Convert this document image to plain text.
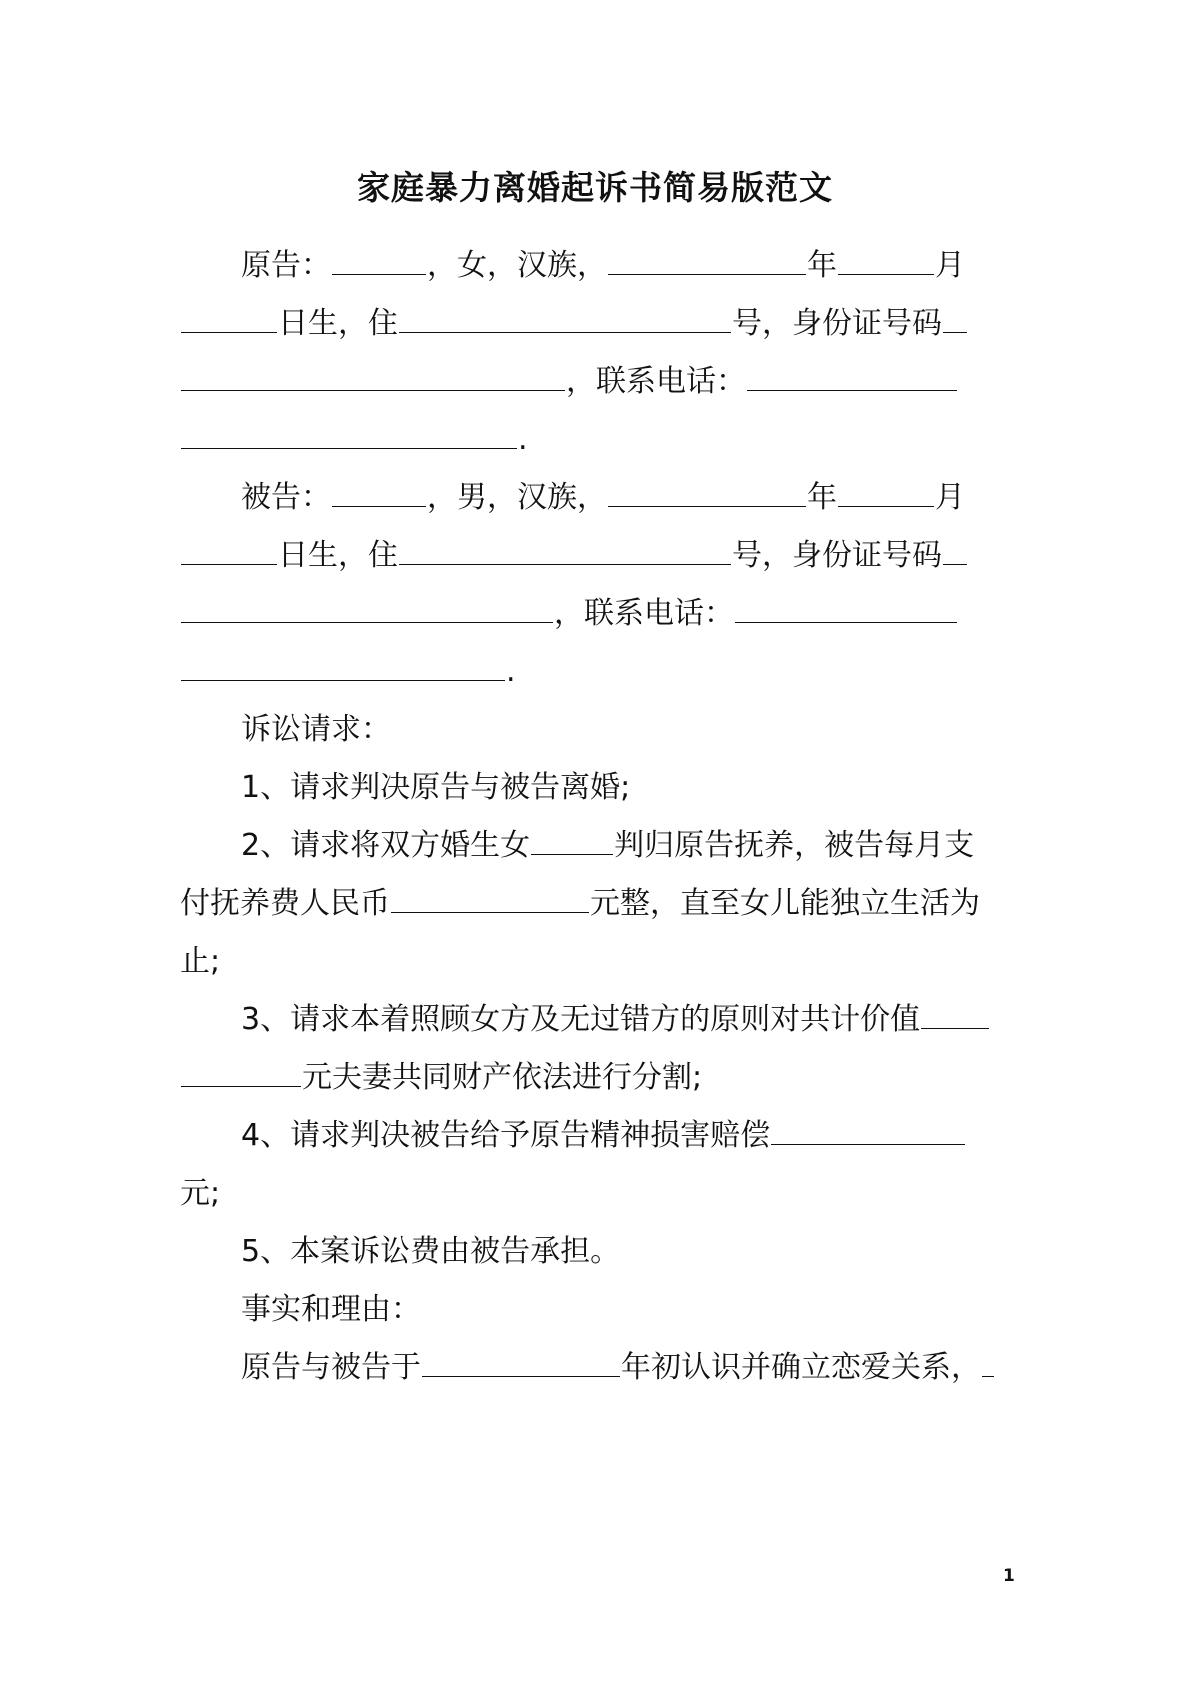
家庭暴力离婚起诉书简易版范文
原告：	，女，汉族，	年	月
日生，住	号，身份证号码
，联系电话：
.
被告：	，男，汉族，	年	月
日生，住	号，身份证号码
，联系电话：
.
诉讼请求：
1、请求判决原告与被告离婚;
2、请求将双方婚生女	判归原告抚养，被告每月支
付抚养费人民币	元整，直至女儿能独立生活为
止;
3、请求本着照顾女方及无过错方的原则对共计价值
元夫妻共同财产依法进行分割;
4、请求判决被告给予原告精神损害赔偿
元;
5、本案诉讼费由被告承担。
事实和理由：
原告与被告于	年初认识并确立恋爱关系，
1
